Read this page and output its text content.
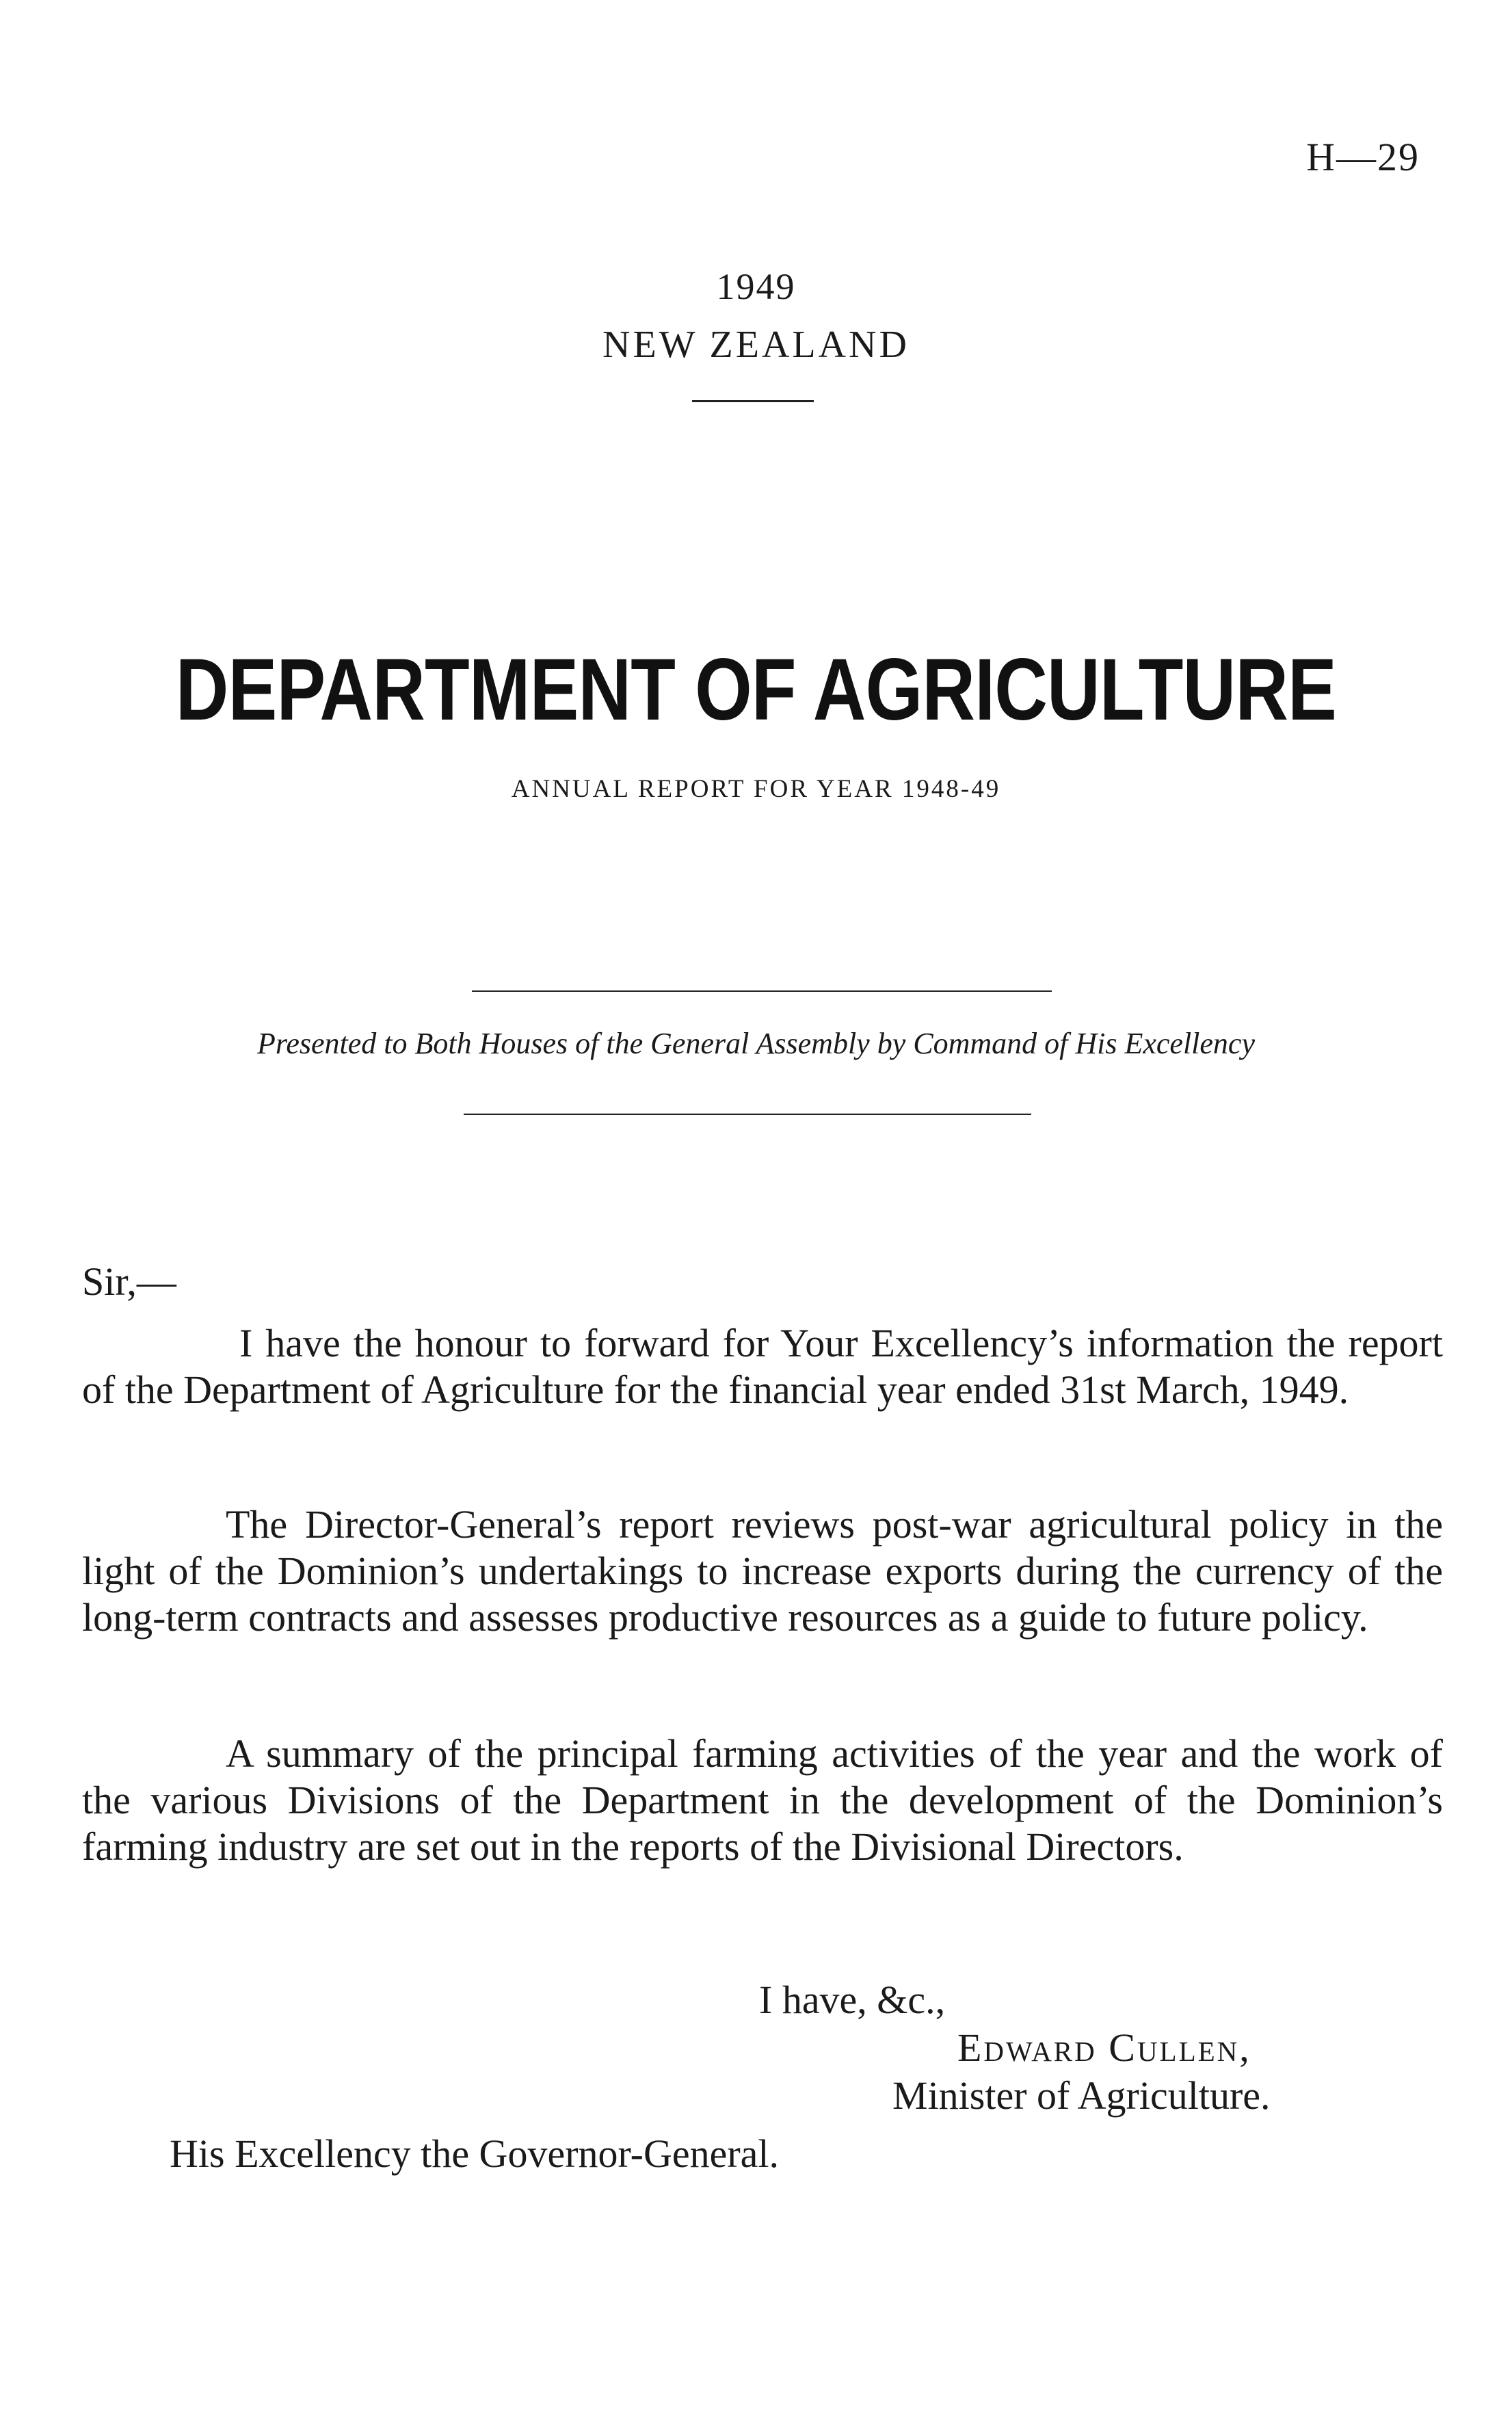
H—29
1949
NEW ZEALAND
DEPARTMENT OF AGRICULTURE
ANNUAL REPORT FOR YEAR 1948-49
Presented to Both Houses of the General Assembly by Command of His Excellency
Sir,—

I have the honour to forward for Your Excellency’s information the report of the Department of Agriculture for the financial year ended 31st March, 1949.

The Director-General’s report reviews post-war agricultural policy in the light of the Dominion’s undertakings to increase exports during the currency of the long-term contracts and assesses productive resources as a guide to future policy.

A summary of the principal farming activities of the year and the work of the various Divisions of the Department in the development of the Dominion’s farming industry are set out in the reports of the Divisional Directors.

I have, &c.,
Edward Cullen,
Minister of Agriculture.
His Excellency the Governor-General.
